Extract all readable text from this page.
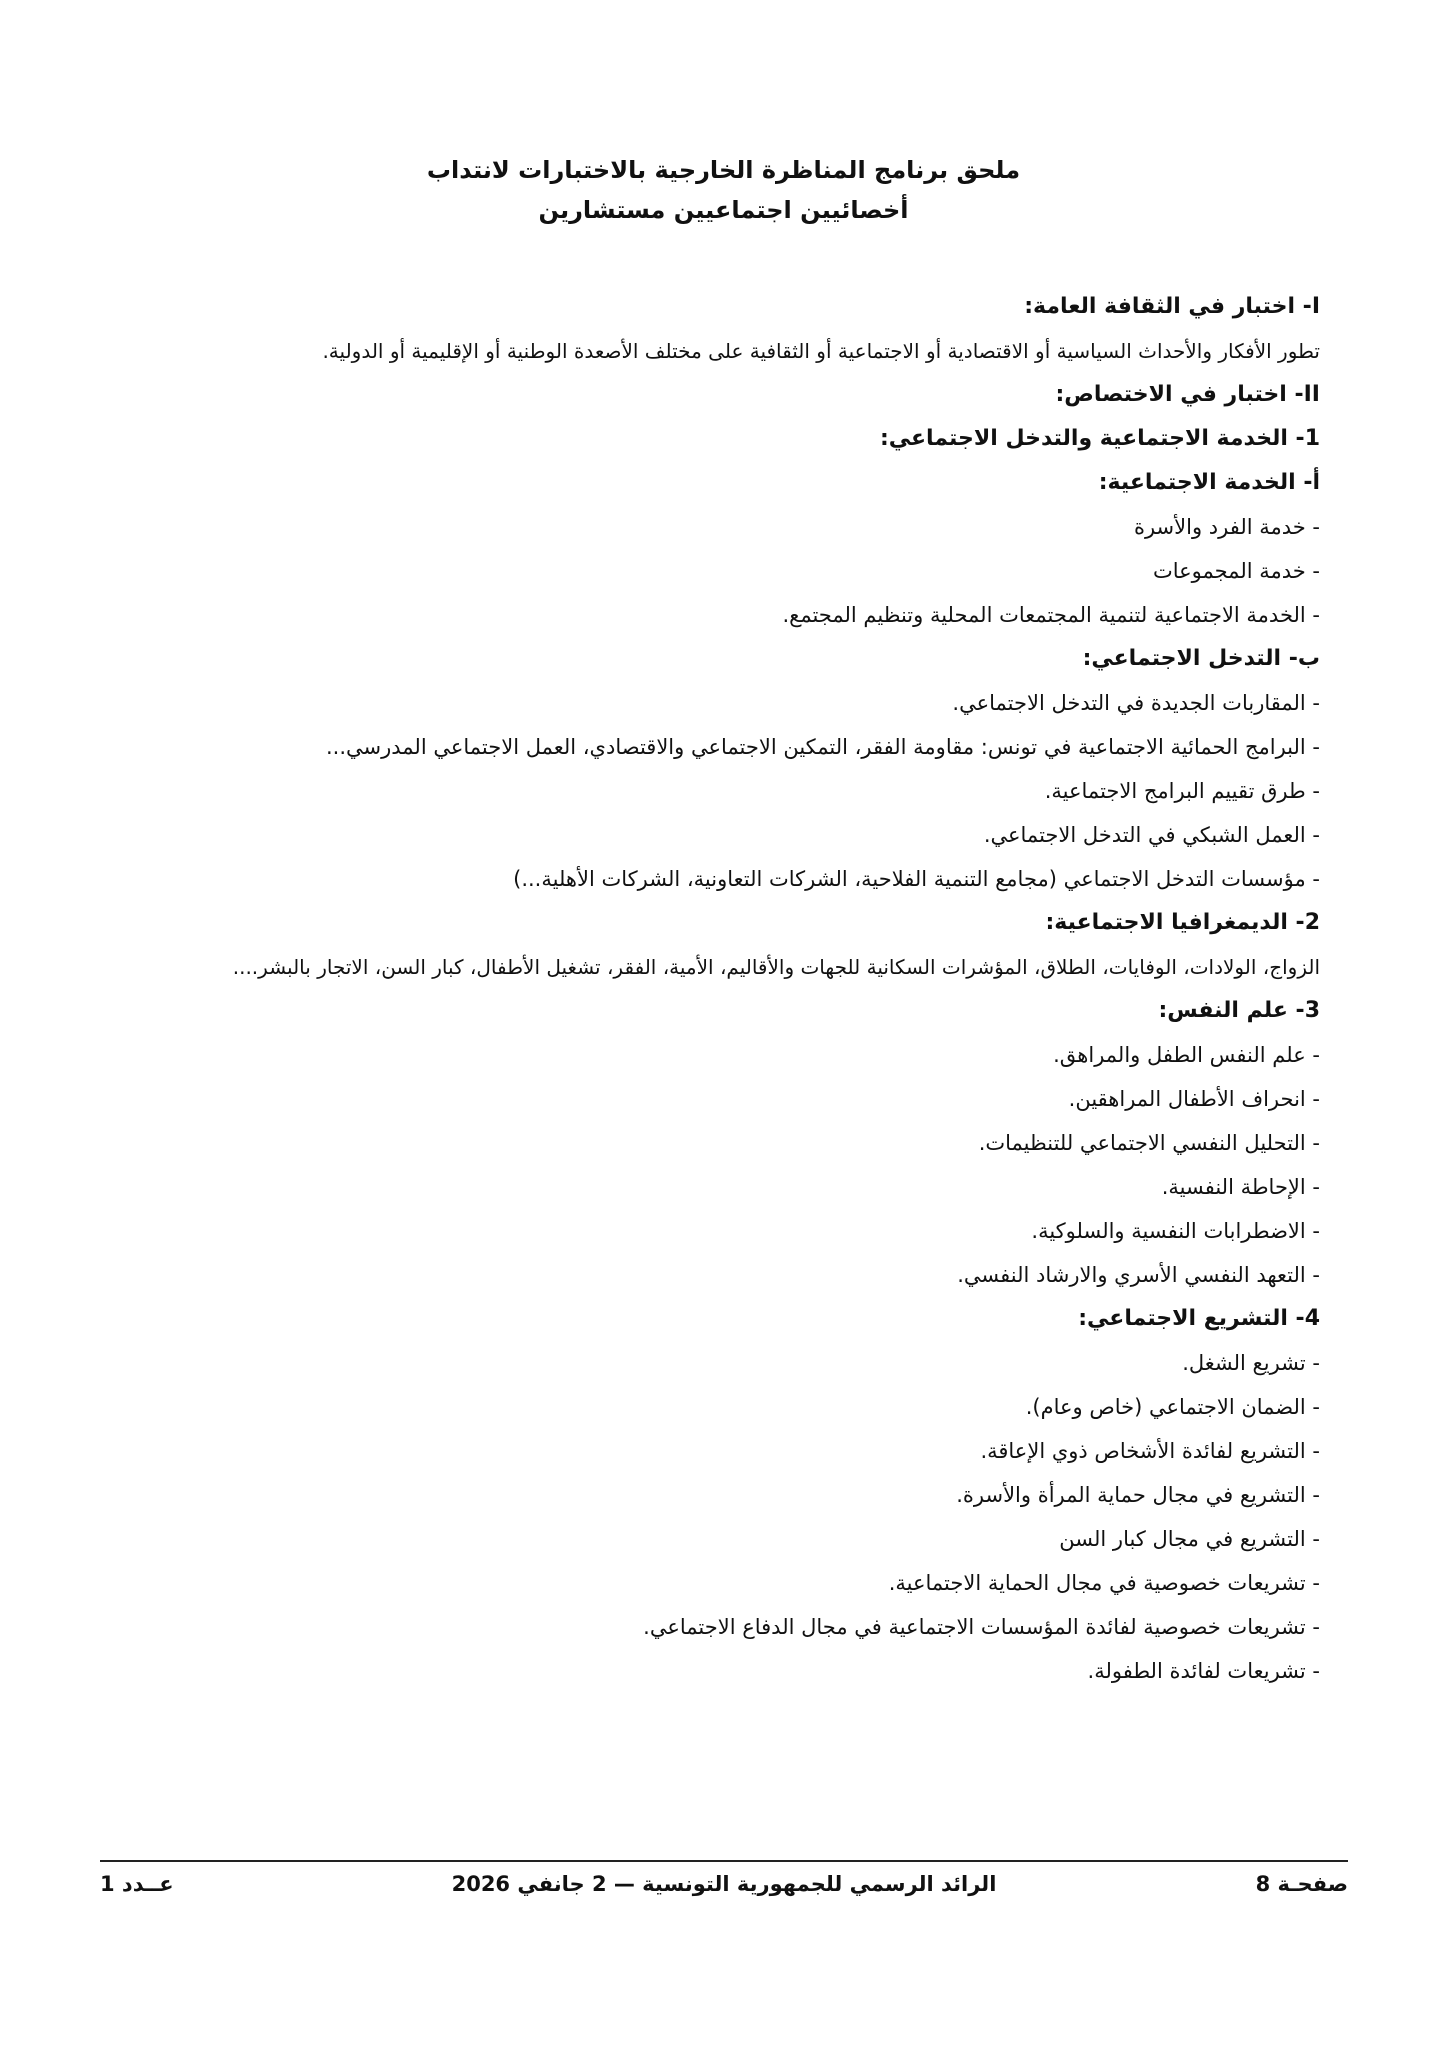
ملحق برنامج المناظرة الخارجية بالاختبارات لانتداب

أخصائيين اجتماعيين مستشارين

I- اختبار في الثقافة العامة:

تطور الأفكار والأحداث السياسية أو الاقتصادية أو الاجتماعية أو الثقافية على مختلف الأصعدة الوطنية أو الإقليمية أو الدولية.

II- اختبار في الاختصاص:

1- الخدمة الاجتماعية والتدخل الاجتماعي:

أ- الخدمة الاجتماعية:

- خدمة الفرد والأسرة

- خدمة المجموعات

- الخدمة الاجتماعية لتنمية المجتمعات المحلية وتنظيم المجتمع.

ب- التدخل الاجتماعي:

- المقاربات الجديدة في التدخل الاجتماعي.

- البرامج الحمائية الاجتماعية في تونس: مقاومة الفقر، التمكين الاجتماعي والاقتصادي، العمل الاجتماعي المدرسي...

- طرق تقييم البرامج الاجتماعية.

- العمل الشبكي في التدخل الاجتماعي.

- مؤسسات التدخل الاجتماعي (مجامع التنمية الفلاحية، الشركات التعاونية، الشركات الأهلية...)

2- الديمغرافيا الاجتماعية:

الزواج، الولادات، الوفايات، الطلاق، المؤشرات السكانية للجهات والأقاليم، الأمية، الفقر، تشغيل الأطفال، كبار السن، الاتجار بالبشر....

3- علم النفس:

- علم النفس الطفل والمراهق.

- انحراف الأطفال المراهقين.

- التحليل النفسي الاجتماعي للتنظيمات.

- الإحاطة النفسية.

- الاضطرابات النفسية والسلوكية.

- التعهد النفسي الأسري والارشاد النفسي.

4- التشريع الاجتماعي:

- تشريع الشغل.

- الضمان الاجتماعي (خاص وعام).

- التشريع لفائدة الأشخاص ذوي الإعاقة.

- التشريع في مجال حماية المرأة والأسرة.

- التشريع في مجال كبار السن

- تشريعات خصوصية في مجال الحماية الاجتماعية.

- تشريعات خصوصية لفائدة المؤسسات الاجتماعية في مجال الدفاع الاجتماعي.

- تشريعات لفائدة الطفولة.

صفحـة 8
الرائد الرسمي للجمهورية التونسية — 2 جانفي 2026
عــدد 1
